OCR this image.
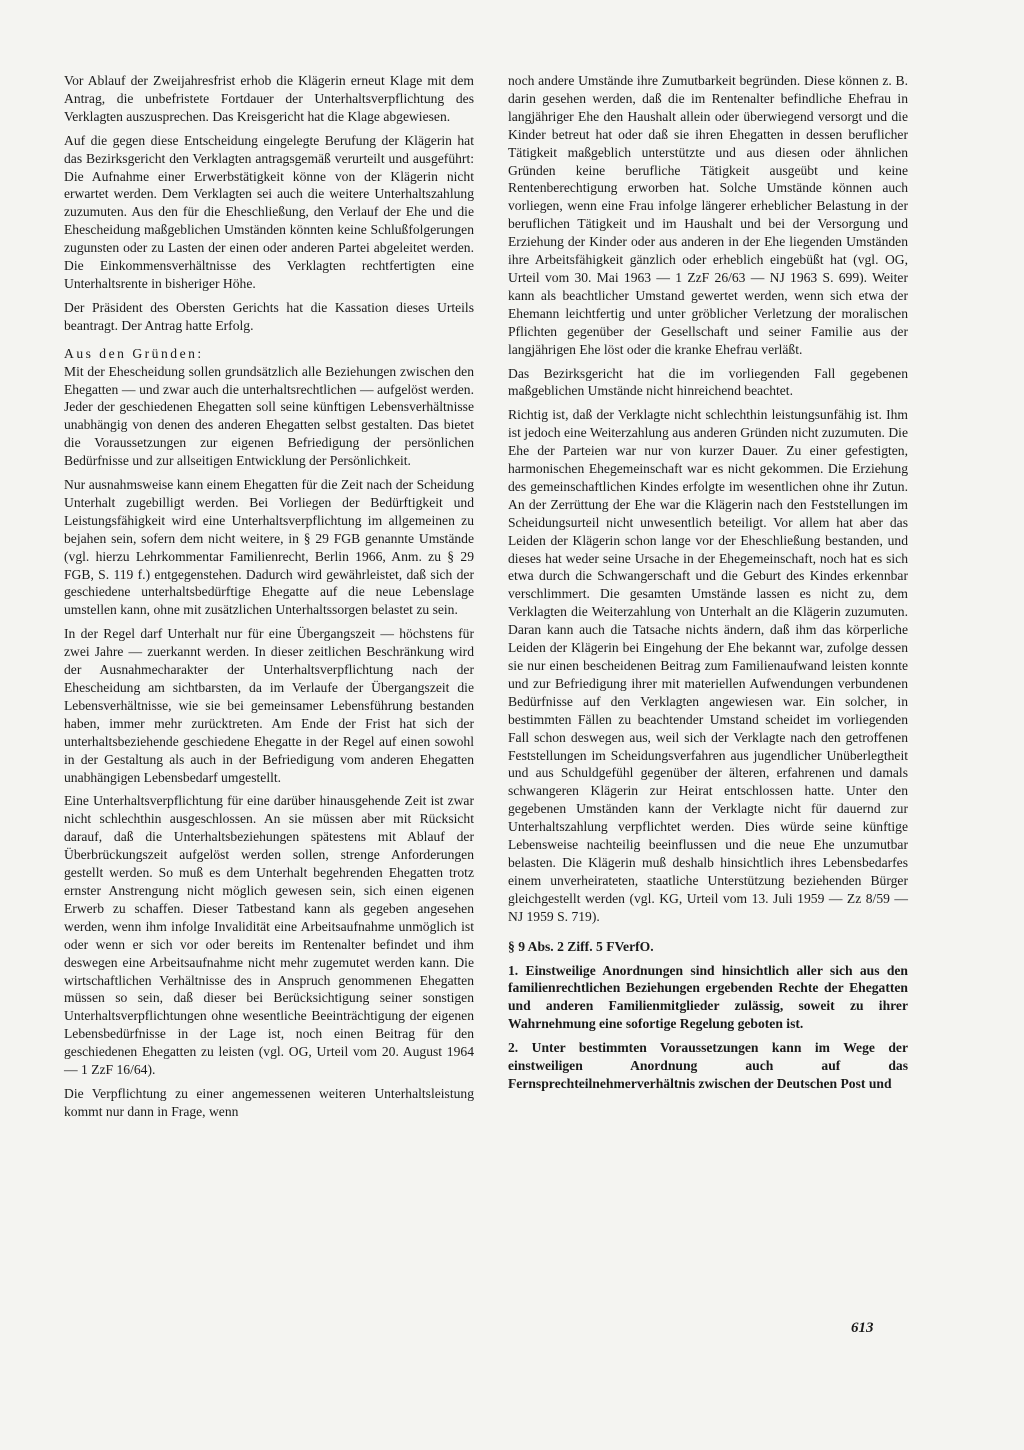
Vor Ablauf der Zweijahresfrist erhob die Klägerin erneut Klage mit dem Antrag, die unbefristete Fortdauer der Unterhaltsverpflichtung des Verklagten auszusprechen. Das Kreisgericht hat die Klage abgewiesen.

Auf die gegen diese Entscheidung eingelegte Berufung der Klägerin hat das Bezirksgericht den Verklagten antragsgemäß verurteilt und ausgeführt: Die Aufnahme einer Erwerbstätigkeit könne von der Klägerin nicht erwartet werden. Dem Verklagten sei auch die weitere Unterhaltszahlung zuzumuten. Aus den für die Eheschließung, den Verlauf der Ehe und die Ehescheidung maßgeblichen Umständen könnten keine Schlußfolgerungen zugunsten oder zu Lasten der einen oder anderen Partei abgeleitet werden. Die Einkommensverhältnisse des Verklagten rechtfertigten eine Unterhaltsrente in bisheriger Höhe.

Der Präsident des Obersten Gerichts hat die Kassation dieses Urteils beantragt. Der Antrag hatte Erfolg.

Aus den Gründen:

Mit der Ehescheidung sollen grundsätzlich alle Beziehungen zwischen den Ehegatten — und zwar auch die unterhaltsrechtlichen — aufgelöst werden. Jeder der geschiedenen Ehegatten soll seine künftigen Lebensverhältnisse unabhängig von denen des anderen Ehegatten selbst gestalten. Das bietet die Voraussetzungen zur eigenen Befriedigung der persönlichen Bedürfnisse und zur allseitigen Entwicklung der Persönlichkeit.

Nur ausnahmsweise kann einem Ehegatten für die Zeit nach der Scheidung Unterhalt zugebilligt werden. Bei Vorliegen der Bedürftigkeit und Leistungsfähigkeit wird eine Unterhaltsverpflichtung im allgemeinen zu bejahen sein, sofern dem nicht weitere, in § 29 FGB genannte Umstände (vgl. hierzu Lehrkommentar Familienrecht, Berlin 1966, Anm. zu § 29 FGB, S. 119 f.) entgegenstehen. Dadurch wird gewährleistet, daß sich der geschiedene unterhaltsbedürftige Ehegatte auf die neue Lebenslage umstellen kann, ohne mit zusätzlichen Unterhaltssorgen belastet zu sein.

In der Regel darf Unterhalt nur für eine Übergangszeit — höchstens für zwei Jahre — zuerkannt werden. In dieser zeitlichen Beschränkung wird der Ausnahmecharakter der Unterhaltsverpflichtung nach der Ehescheidung am sichtbarsten, da im Verlaufe der Übergangszeit die Lebensverhältnisse, wie sie bei gemeinsamer Lebensführung bestanden haben, immer mehr zurücktreten. Am Ende der Frist hat sich der unterhaltsbeziehende geschiedene Ehegatte in der Regel auf einen sowohl in der Gestaltung als auch in der Befriedigung vom anderen Ehegatten unabhängigen Lebensbedarf umgestellt.

Eine Unterhaltsverpflichtung für eine darüber hinausgehende Zeit ist zwar nicht schlechthin ausgeschlossen. An sie müssen aber mit Rücksicht darauf, daß die Unterhaltsbeziehungen spätestens mit Ablauf der Überbrückungszeit aufgelöst werden sollen, strenge Anforderungen gestellt werden. So muß es dem Unterhalt begehrenden Ehegatten trotz ernster Anstrengung nicht möglich gewesen sein, sich einen eigenen Erwerb zu schaffen. Dieser Tatbestand kann als gegeben angesehen werden, wenn ihm infolge Invalidität eine Arbeitsaufnahme unmöglich ist oder wenn er sich vor oder bereits im Rentenalter befindet und ihm deswegen eine Arbeitsaufnahme nicht mehr zugemutet werden kann. Die wirtschaftlichen Verhältnisse des in Anspruch genommenen Ehegatten müssen so sein, daß dieser bei Berücksichtigung seiner sonstigen Unterhaltsverpflichtungen ohne wesentliche Beeinträchtigung der eigenen Lebensbedürfnisse in der Lage ist, noch einen Beitrag für den geschiedenen Ehegatten zu leisten (vgl. OG, Urteil vom 20. August 1964 — 1 ZzF 16/64).

Die Verpflichtung zu einer angemessenen weiteren Unterhaltsleistung kommt nur dann in Frage, wenn

noch andere Umstände ihre Zumutbarkeit begründen. Diese können z. B. darin gesehen werden, daß die im Rentenalter befindliche Ehefrau in langjähriger Ehe den Haushalt allein oder überwiegend versorgt und die Kinder betreut hat oder daß sie ihren Ehegatten in dessen beruflicher Tätigkeit maßgeblich unterstützte und aus diesen oder ähnlichen Gründen keine berufliche Tätigkeit ausgeübt und keine Rentenberechtigung erworben hat. Solche Umstände können auch vorliegen, wenn eine Frau infolge längerer erheblicher Belastung in der beruflichen Tätigkeit und im Haushalt und bei der Versorgung und Erziehung der Kinder oder aus anderen in der Ehe liegenden Umständen ihre Arbeitsfähigkeit gänzlich oder erheblich eingebüßt hat (vgl. OG, Urteil vom 30. Mai 1963 — 1 ZzF 26/63 — NJ 1963 S. 699). Weiter kann als beachtlicher Umstand gewertet werden, wenn sich etwa der Ehemann leichtfertig und unter gröblicher Verletzung der moralischen Pflichten gegenüber der Gesellschaft und seiner Familie aus der langjährigen Ehe löst oder die kranke Ehefrau verläßt.

Das Bezirksgericht hat die im vorliegenden Fall gegebenen maßgeblichen Umstände nicht hinreichend beachtet.

Richtig ist, daß der Verklagte nicht schlechthin leistungsunfähig ist. Ihm ist jedoch eine Weiterzahlung aus anderen Gründen nicht zuzumuten. Die Ehe der Parteien war nur von kurzer Dauer. Zu einer gefestigten, harmonischen Ehegemeinschaft war es nicht gekommen. Die Erziehung des gemeinschaftlichen Kindes erfolgte im wesentlichen ohne ihr Zutun. An der Zerrüttung der Ehe war die Klägerin nach den Feststellungen im Scheidungsurteil nicht unwesentlich beteiligt. Vor allem hat aber das Leiden der Klägerin schon lange vor der Eheschließung bestanden, und dieses hat weder seine Ursache in der Ehegemeinschaft, noch hat es sich etwa durch die Schwangerschaft und die Geburt des Kindes erkennbar verschlimmert. Die gesamten Umstände lassen es nicht zu, dem Verklagten die Weiterzahlung von Unterhalt an die Klägerin zuzumuten. Daran kann auch die Tatsache nichts ändern, daß ihm das körperliche Leiden der Klägerin bei Eingehung der Ehe bekannt war, zufolge dessen sie nur einen bescheidenen Beitrag zum Familienaufwand leisten konnte und zur Befriedigung ihrer mit materiellen Aufwendungen verbundenen Bedürfnisse auf den Verklagten angewiesen war. Ein solcher, in bestimmten Fällen zu beachtender Umstand scheidet im vorliegenden Fall schon deswegen aus, weil sich der Verklagte nach den getroffenen Feststellungen im Scheidungsverfahren aus jugendlicher Unüberlegtheit und aus Schuldgefühl gegenüber der älteren, erfahrenen und damals schwangeren Klägerin zur Heirat entschlossen hatte. Unter den gegebenen Umständen kann der Verklagte nicht für dauernd zur Unterhaltszahlung verpflichtet werden. Dies würde seine künftige Lebensweise nachteilig beeinflussen und die neue Ehe unzumutbar belasten. Die Klägerin muß deshalb hinsichtlich ihres Lebensbedarfes einem unverheirateten, staatliche Unterstützung beziehenden Bürger gleichgestellt werden (vgl. KG, Urteil vom 13. Juli 1959 — Zz 8/59 — NJ 1959 S. 719).

§ 9 Abs. 2 Ziff. 5 FVerfO.

1. Einstweilige Anordnungen sind hinsichtlich aller sich aus den familienrechtlichen Beziehungen ergebenden Rechte der Ehegatten und anderen Familienmitglieder zulässig, soweit zu ihrer Wahrnehmung eine sofortige Regelung geboten ist.

2. Unter bestimmten Voraussetzungen kann im Wege der einstweiligen Anordnung auch auf das Fernsprechteilnehmerverhältnis zwischen der Deutschen Post und

613
